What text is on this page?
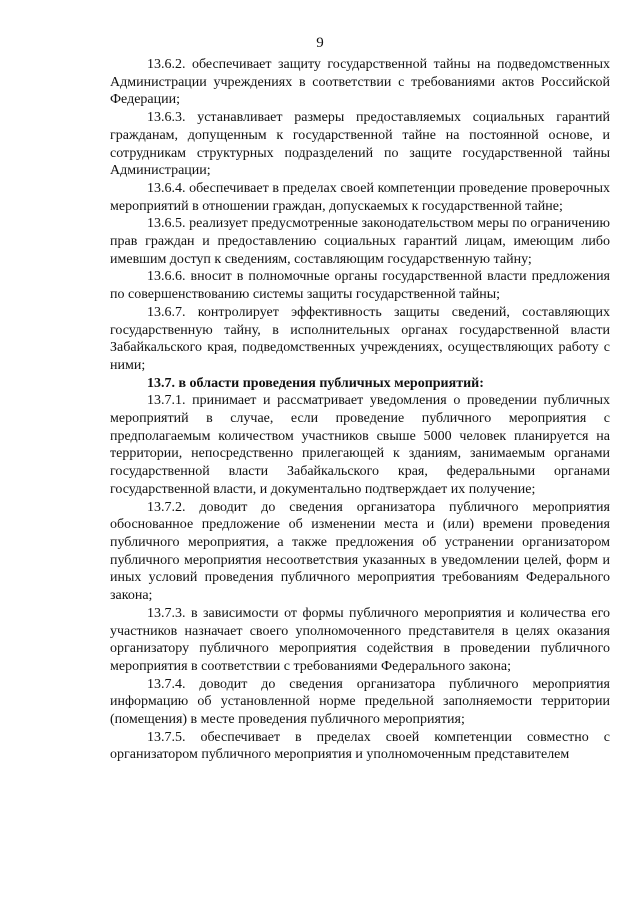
9

13.6.2. обеспечивает защиту государственной тайны на подведомственных Администрации учреждениях в соответствии с требованиями актов Российской Федерации;

13.6.3. устанавливает размеры предоставляемых социальных гарантий гражданам, допущенным к государственной тайне на постоянной основе, и сотрудникам структурных подразделений по защите государственной тайны Администрации;

13.6.4. обеспечивает в пределах своей компетенции проведение проверочных мероприятий в отношении граждан, допускаемых к государственной тайне;

13.6.5. реализует предусмотренные законодательством меры по ограничению прав граждан и предоставлению социальных гарантий лицам, имеющим либо имевшим доступ к сведениям, составляющим государственную тайну;

13.6.6. вносит в полномочные органы государственной власти предложения по совершенствованию системы защиты государственной тайны;

13.6.7. контролирует эффективность защиты сведений, составляющих государственную тайну, в исполнительных органах государственной власти Забайкальского края, подведомственных учреждениях, осуществляющих работу с ними;

13.7. в области проведения публичных мероприятий:

13.7.1. принимает и рассматривает уведомления о проведении публичных мероприятий в случае, если проведение публичного мероприятия с предполагаемым количеством участников свыше 5000 человек планируется на территории, непосредственно прилегающей к зданиям, занимаемым органами государственной власти Забайкальского края, федеральными органами государственной власти, и документально подтверждает их получение;

13.7.2. доводит до сведения организатора публичного мероприятия обоснованное предложение об изменении места и (или) времени проведения публичного мероприятия, а также предложения об устранении организатором публичного мероприятия несоответствия указанных в уведомлении целей, форм и иных условий проведения публичного мероприятия требованиям Федерального закона;

13.7.3. в зависимости от формы публичного мероприятия и количества его участников назначает своего уполномоченного представителя в целях оказания организатору публичного мероприятия содействия в проведении публичного мероприятия в соответствии с требованиями Федерального закона;

13.7.4. доводит до сведения организатора публичного мероприятия информацию об установленной норме предельной заполняемости территории (помещения) в месте проведения публичного мероприятия;

13.7.5. обеспечивает в пределах своей компетенции совместно с организатором публичного мероприятия и уполномоченным представителем
